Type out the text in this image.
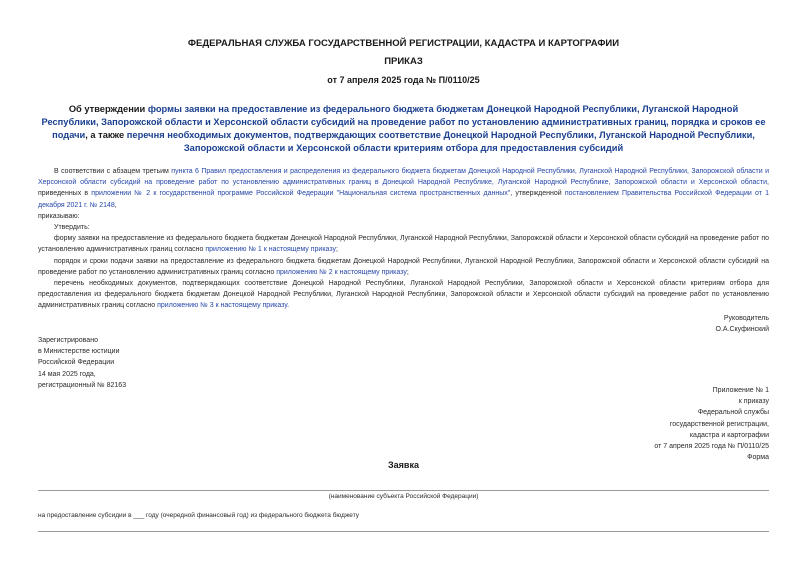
ФЕДЕРАЛЬНАЯ СЛУЖБА ГОСУДАРСТВЕННОЙ РЕГИСТРАЦИИ, КАДАСТРА И КАРТОГРАФИИ
ПРИКАЗ
от 7 апреля 2025 года № П/0110/25
Об утверждении формы заявки на предоставление из федерального бюджета бюджетам Донецкой Народной Республики, Луганской Народной Республики, Запорожской области и Херсонской области субсидий на проведение работ по установлению административных границ, порядка и сроков ее подачи, а также перечня необходимых документов, подтверждающих соответствие Донецкой Народной Республики, Луганской Народной Республики, Запорожской области и Херсонской области критериям отбора для предоставления субсидий

В соответствии с абзацем третьим пункта 6 Правил предоставления и распределения из федерального бюджета бюджетам Донецкой Народной Республики, Луганской Народной Республики, Запорожской области и Херсонской области субсидий на проведение работ по установлению административных границ в Донецкой Народной Республике, Луганской Народной Республике, Запорожской области и Херсонской области, приведенных в приложении № 2 к государственной программе Российской Федерации "Национальная система пространственных данных", утвержденной постановлением Правительства Российской Федерации от 1 декабря 2021 г. № 2148,

приказываю:

Утвердить:

форму заявки на предоставление из федерального бюджета бюджетам Донецкой Народной Республики, Луганской Народной Республики, Запорожской области и Херсонской области субсидий на проведение работ по установлению административных границ согласно приложению № 1 к настоящему приказу;

порядок и сроки подачи заявки на предоставление из федерального бюджета бюджетам Донецкой Народной Республики, Луганской Народной Республики, Запорожской области и Херсонской области субсидий на проведение работ по установлению административных границ согласно приложению № 2 к настоящему приказу;

перечень необходимых документов, подтверждающих соответствие Донецкой Народной Республики, Луганской Народной Республики, Запорожской области и Херсонской области критериям отбора для предоставления из федерального бюджета бюджетам Донецкой Народной Республики, Луганской Народной Республики, Запорожской области и Херсонской области субсидий на проведение работ по установлению административных границ согласно приложению № 3 к настоящему приказу.

Руководитель
О.А.Скуфинский
Зарегистрировано
в Министерстве юстиции
Российской Федерации
14 мая 2025 года,
регистрационный № 82163
Приложение № 1
к приказу
Федеральной службы
государственной регистрации,
кадастра и картографии
от 7 апреля 2025 года № П/0110/25
Форма
Заявка
(наименование субъекта Российской Федерации)
на предоставление субсидии в ___ году (очередной финансовый год) из федерального бюджета бюджету
